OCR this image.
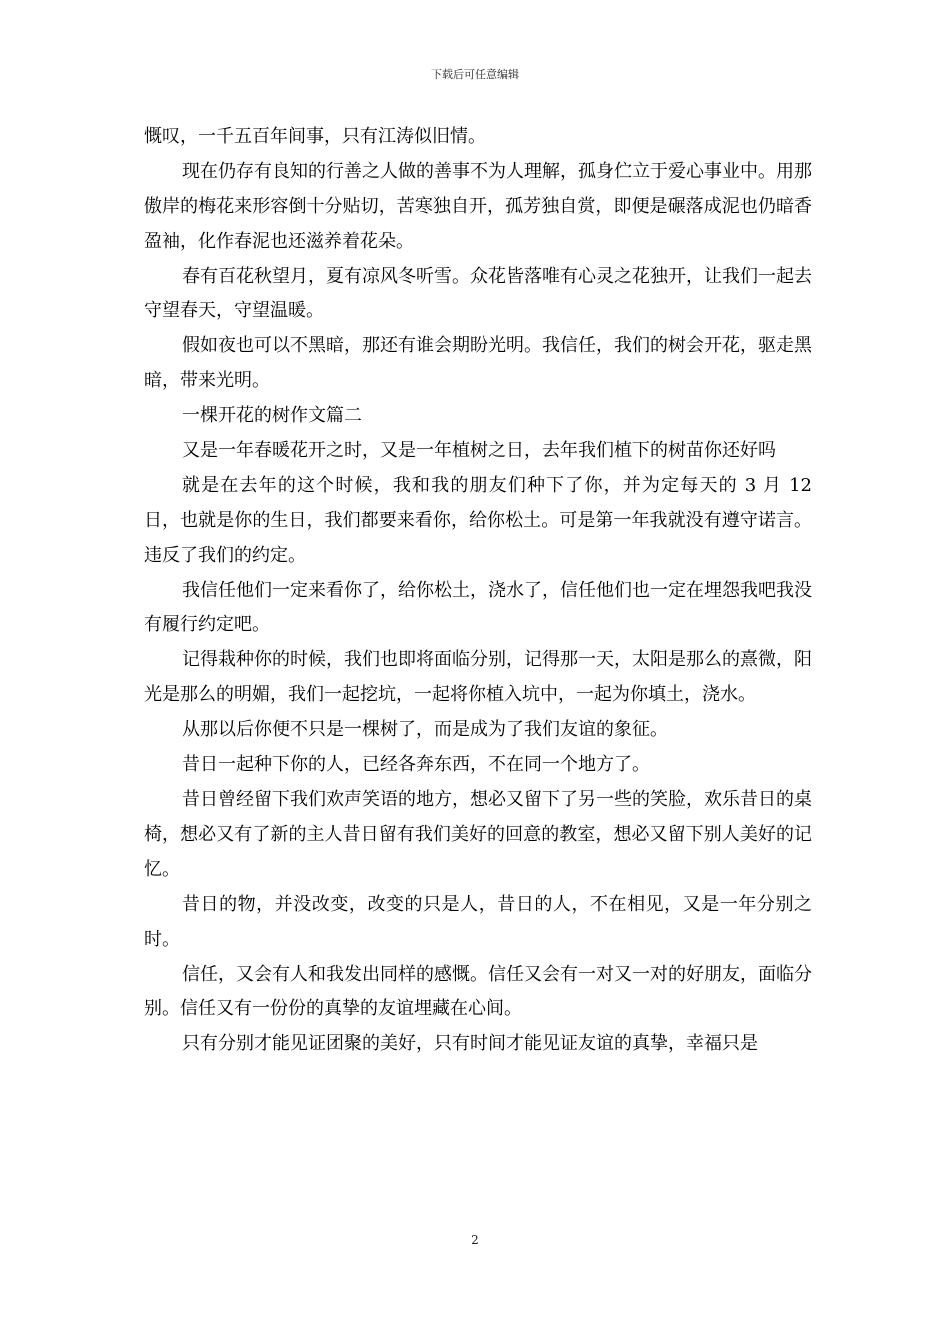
下载后可任意编辑

慨叹，一千五百年间事，只有江涛似旧情。

现在仍存有良知的行善之人做的善事不为人理解，孤身伫立于爱心事业中。用那傲岸的梅花来形容倒十分贴切，苦寒独自开，孤芳独自赏，即便是碾落成泥也仍暗香盈袖，化作春泥也还滋养着花朵。

春有百花秋望月，夏有凉风冬听雪。众花皆落唯有心灵之花独开，让我们一起去守望春天，守望温暖。

假如夜也可以不黑暗，那还有谁会期盼光明。我信任，我们的树会开花，驱走黑暗，带来光明。

一棵开花的树作文篇二

又是一年春暖花开之时，又是一年植树之日，去年我们植下的树苗你还好吗

就是在去年的这个时候，我和我的朋友们种下了你，并为定每天的 3 月 12 日，也就是你的生日，我们都要来看你，给你松土。可是第一年我就没有遵守诺言。违反了我们的约定。

我信任他们一定来看你了，给你松土，浇水了，信任他们也一定在埋怨我吧我没有履行约定吧。

记得栽种你的时候，我们也即将面临分别，记得那一天，太阳是那么的熹微，阳光是那么的明媚，我们一起挖坑，一起将你植入坑中，一起为你填土，浇水。

从那以后你便不只是一棵树了，而是成为了我们友谊的象征。

昔日一起种下你的人，已经各奔东西，不在同一个地方了。

昔日曾经留下我们欢声笑语的地方，想必又留下了另一些的笑脸，欢乐昔日的桌椅，想必又有了新的主人昔日留有我们美好的回意的教室，想必又留下别人美好的记忆。

昔日的物，并没改变，改变的只是人，昔日的人，不在相见，又是一年分别之时。

信任，又会有人和我发出同样的感慨。信任又会有一对又一对的好朋友，面临分别。信任又有一份份的真挚的友谊埋藏在心间。

只有分别才能见证团聚的美好，只有时间才能见证友谊的真挚，幸福只是

2
